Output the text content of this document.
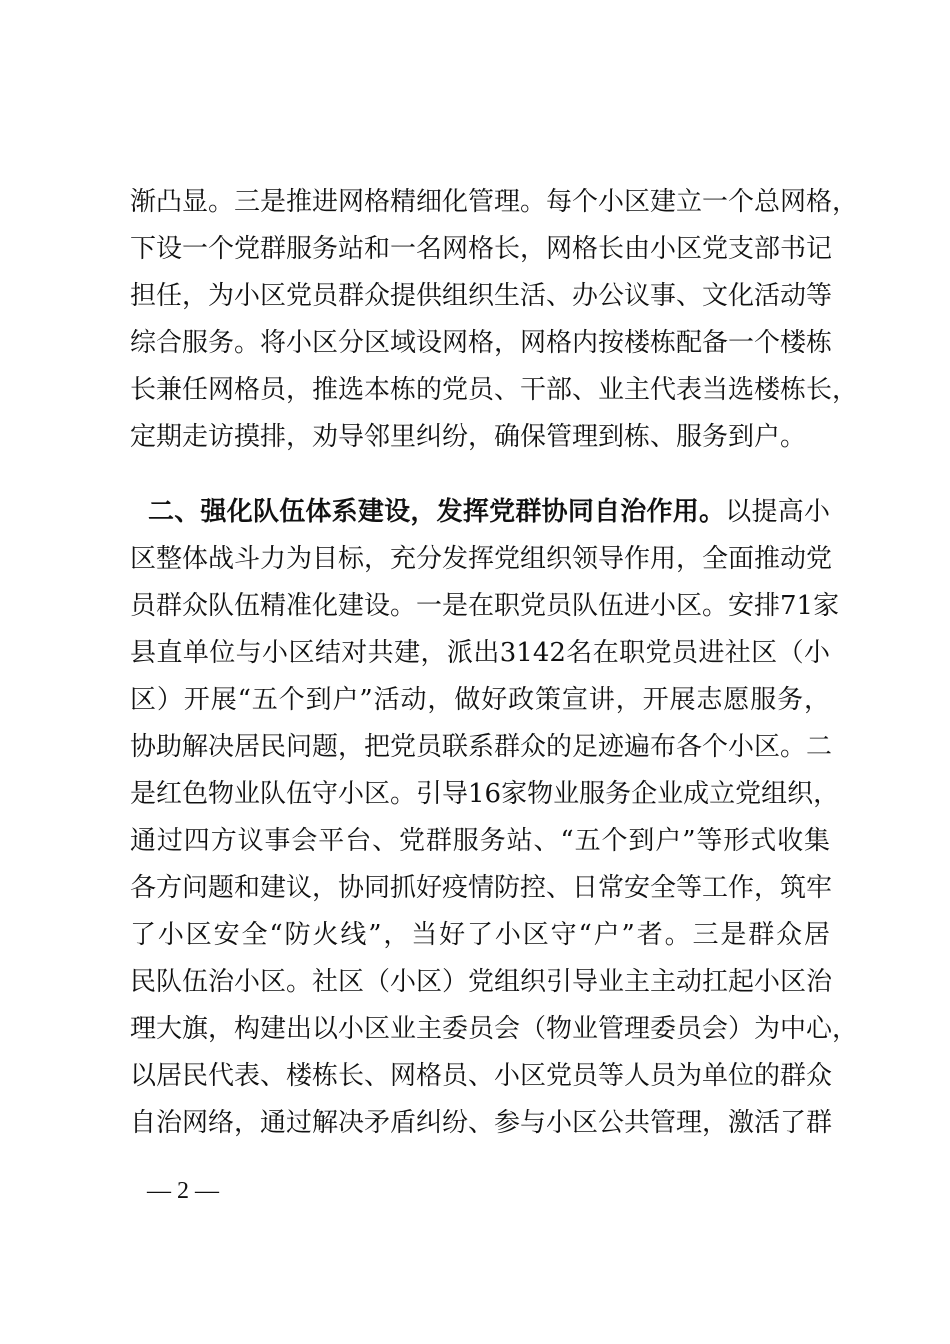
渐凸显。三是推进网格精细化管理。每个小区建立一个总网格，
下设一个党群服务站和一名网格长，网格长由小区党支部书记
担任，为小区党员群众提供组织生活、办公议事、文化活动等
综合服务。将小区分区域设网格，网格内按楼栋配备一个楼栋
长兼任网格员，推选本栋的党员、干部、业主代表当选楼栋长，
定期走访摸排，劝导邻里纠纷，确保管理到栋、服务到户。
二、强化队伍体系建设，发挥党群协同自治作用。以提高小
区整体战斗力为目标，充分发挥党组织领导作用，全面推动党
员群众队伍精准化建设。一是在职党员队伍进小区。安排71家
县直单位与小区结对共建，派出3142名在职党员进社区（小
区）开展“五个到户”活动，做好政策宣讲，开展志愿服务，
协助解决居民问题，把党员联系群众的足迹遍布各个小区。二
是红色物业队伍守小区。引导16家物业服务企业成立党组织，
通过四方议事会平台、党群服务站、“五个到户”等形式收集
各方问题和建议，协同抓好疫情防控、日常安全等工作，筑牢
了小区安全“防火线”，当好了小区守“户”者。三是群众居
民队伍治小区。社区（小区）党组织引导业主主动扛起小区治
理大旗，构建出以小区业主委员会（物业管理委员会）为中心，
以居民代表、楼栋长、网格员、小区党员等人员为单位的群众
自治网络，通过解决矛盾纠纷、参与小区公共管理，激活了群
— 2 —
